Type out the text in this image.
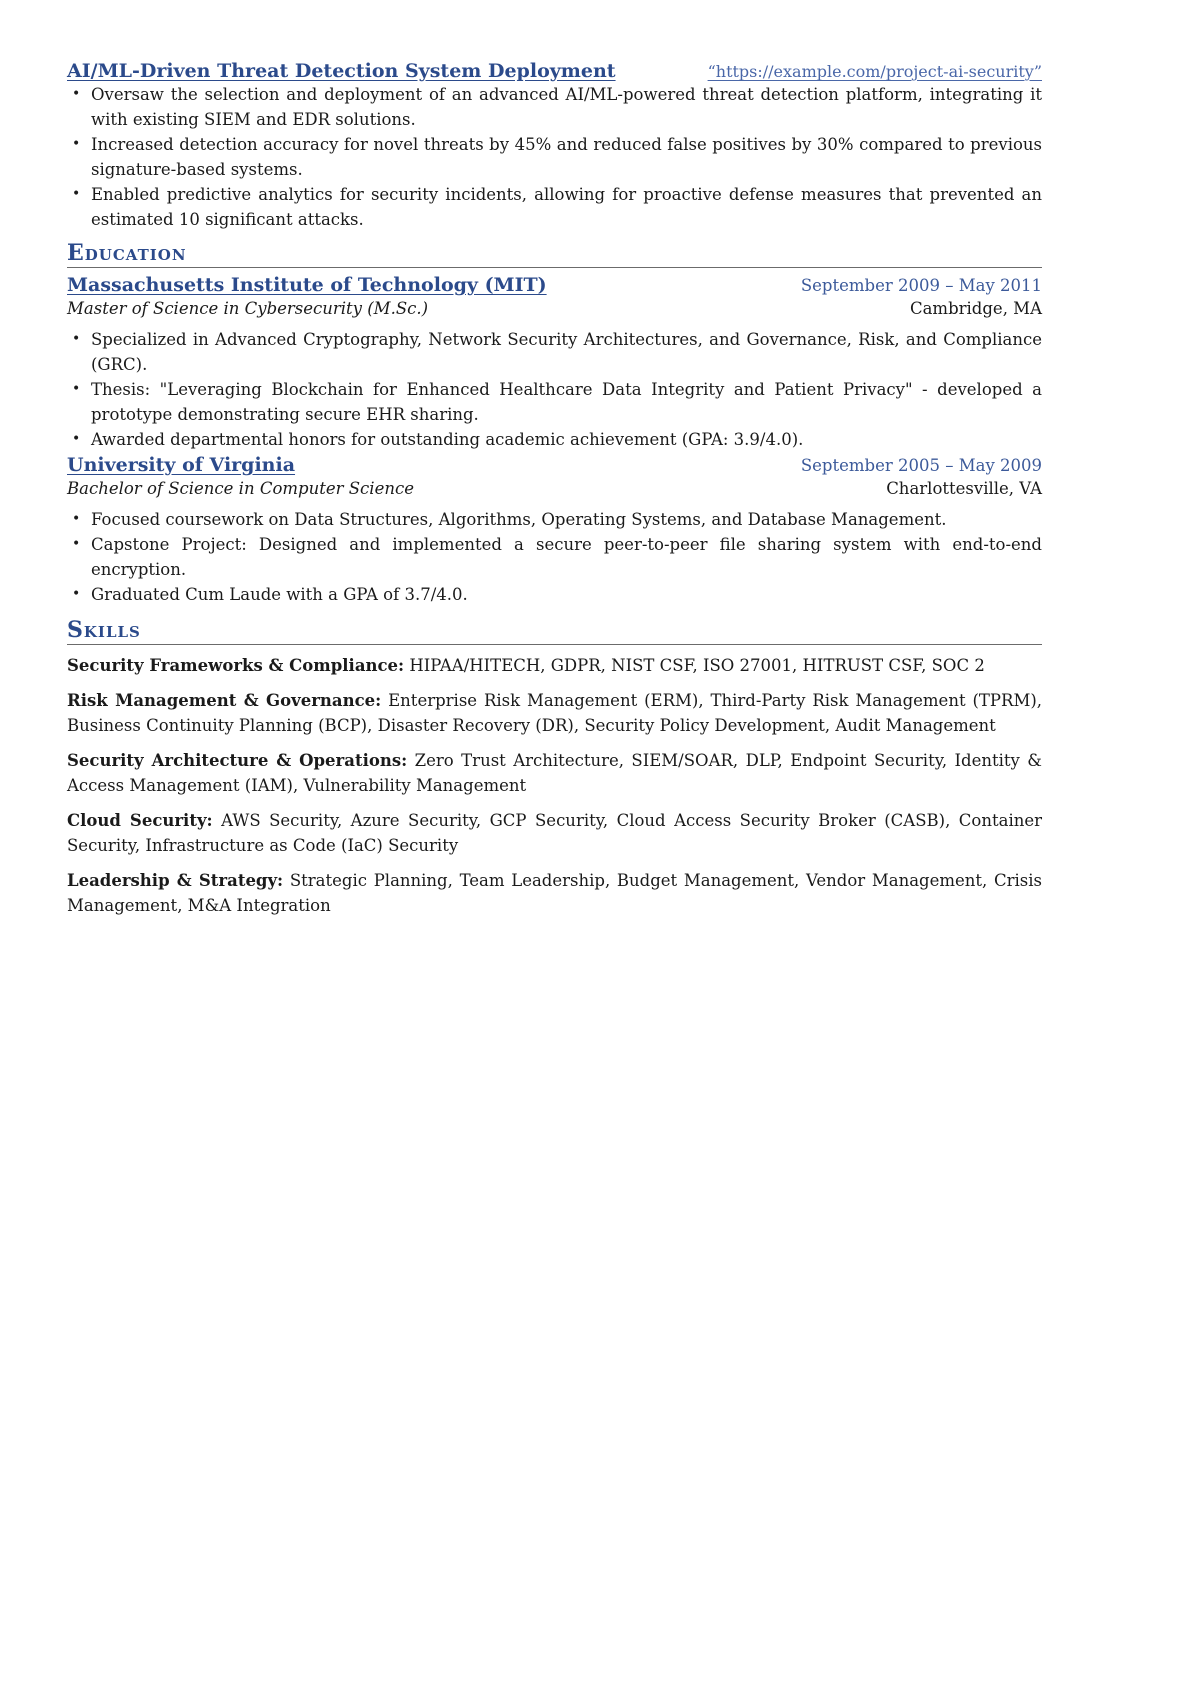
AI/ML-Driven Threat Detection System Deployment	“https://example.com/project-ai-security”
• Oversaw the selection and deployment of an advanced AI/ML-powered threat detection platform, integrating it with existing SIEM and EDR solutions.
• Increased detection accuracy for novel threats by 45% and reduced false positives by 30% compared to previous signature-based systems.
• Enabled predictive analytics for security incidents, allowing for proactive defense measures that prevented an estimated 10 significant attacks.
Education
Massachusetts Institute of Technology (MIT)	September 2009 – May 2011
Master of Science in Cybersecurity (M.Sc.)	Cambridge, MA
• Specialized in Advanced Cryptography, Network Security Architectures, and Governance, Risk, and Compliance (GRC).
• Thesis: "Leveraging Blockchain for Enhanced Healthcare Data Integrity and Patient Privacy" - developed a prototype demonstrating secure EHR sharing.
• Awarded departmental honors for outstanding academic achievement (GPA: 3.9/4.0).
University of Virginia	September 2005 – May 2009
Bachelor of Science in Computer Science	Charlottesville, VA
• Focused coursework on Data Structures, Algorithms, Operating Systems, and Database Management.
• Capstone Project: Designed and implemented a secure peer-to-peer file sharing system with end-to-end encryption.
• Graduated Cum Laude with a GPA of 3.7/4.0.
Skills

Security Frameworks & Compliance: HIPAA/HITECH, GDPR, NIST CSF, ISO 27001, HITRUST CSF, SOC 2

Risk Management & Governance: Enterprise Risk Management (ERM), Third-Party Risk Management (TPRM), Business Continuity Planning (BCP), Disaster Recovery (DR), Security Policy Development, Audit Management

Security Architecture & Operations: Zero Trust Architecture, SIEM/SOAR, DLP, Endpoint Security, Identity & Access Management (IAM), Vulnerability Management

Cloud Security: AWS Security, Azure Security, GCP Security, Cloud Access Security Broker (CASB), Container Security, Infrastructure as Code (IaC) Security

Leadership & Strategy: Strategic Planning, Team Leadership, Budget Management, Vendor Management, Crisis Management, M&A Integration
